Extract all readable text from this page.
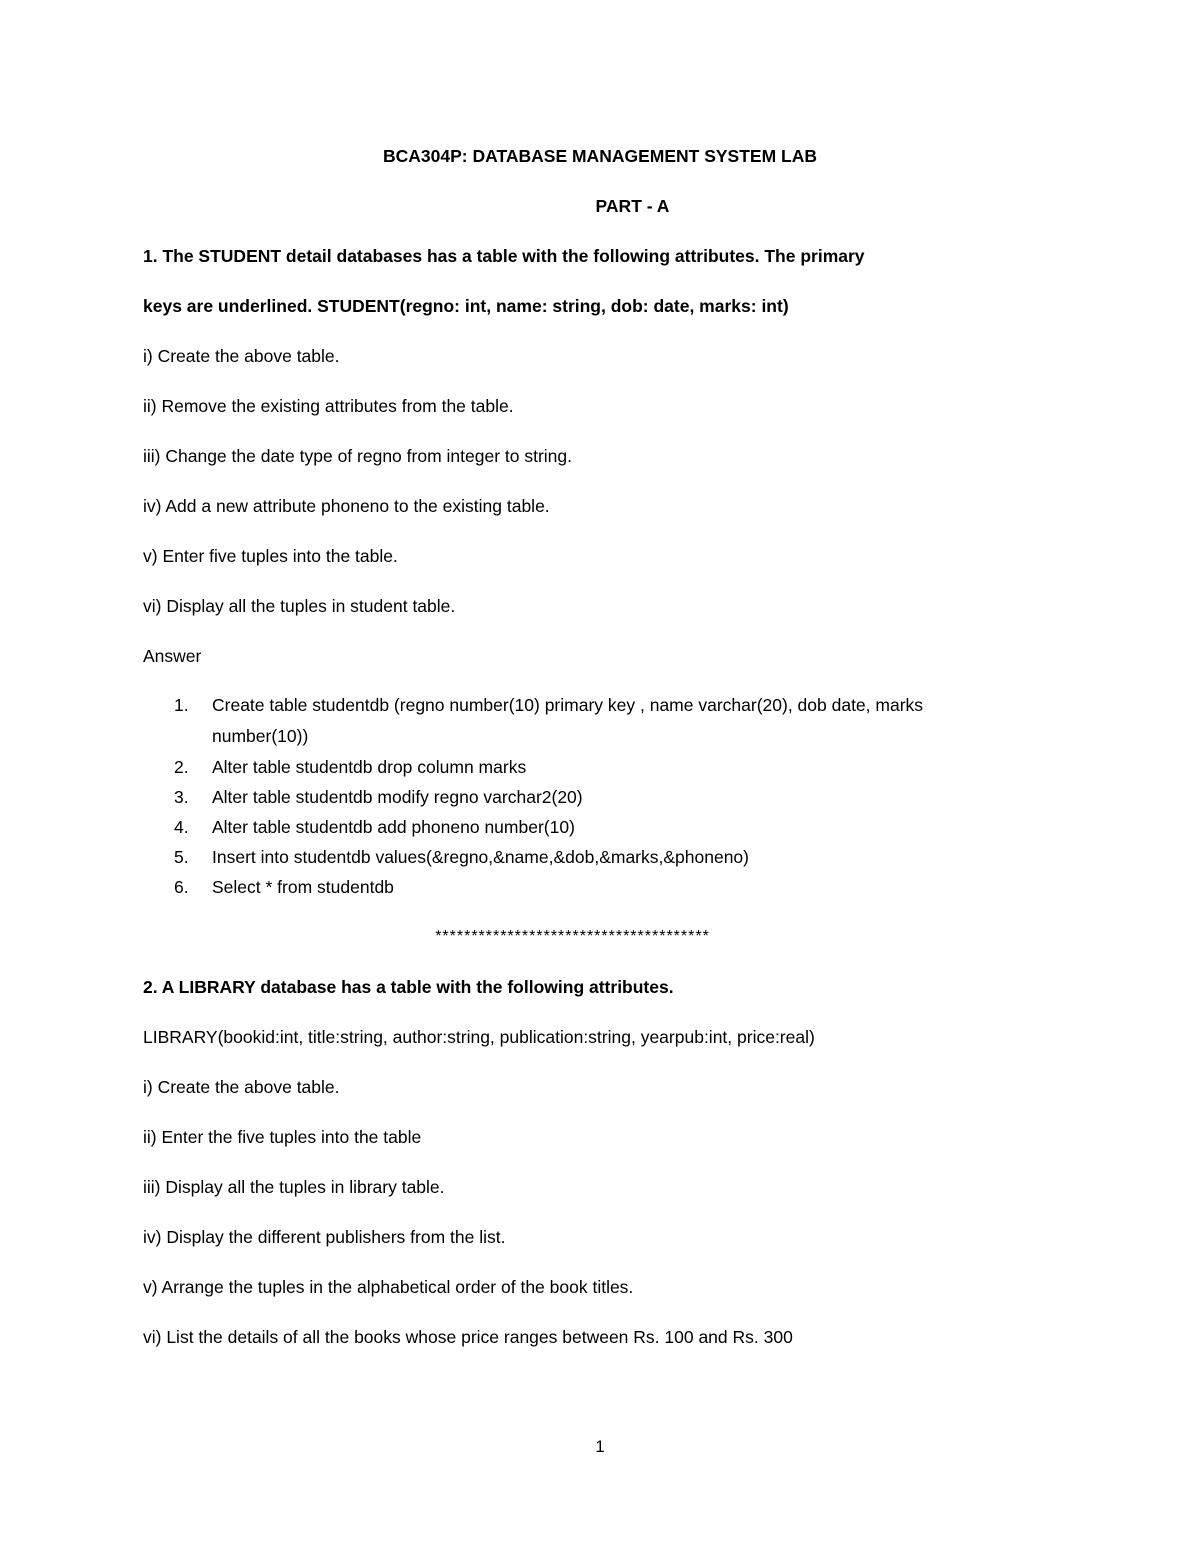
BCA304P: DATABASE MANAGEMENT SYSTEM LAB
PART - A
1. The STUDENT detail databases has a table with the following attributes. The primary
keys are underlined. STUDENT(regno: int, name: string, dob: date, marks: int)
i) Create the above table.
ii) Remove the existing attributes from the table.
iii) Change the date type of regno from integer to string.
iv) Add a new attribute phoneno to the existing table.
v) Enter five tuples into the table.
vi) Display all the tuples in student table.
Answer
1. Create table studentdb (regno number(10) primary key , name varchar(20), dob date, marks
number(10))
2. Alter table studentdb drop column marks
3. Alter table studentdb modify regno varchar2(20)
4. Alter table studentdb add phoneno number(10)
5. Insert into studentdb values(&regno,&name,&dob,&marks,&phoneno)
6. Select * from studentdb
**************************************
2. A LIBRARY database has a table with the following attributes.
LIBRARY(bookid:int, title:string, author:string, publication:string, yearpub:int, price:real)
i) Create the above table.
ii) Enter the five tuples into the table
iii) Display all the tuples in library table.
iv) Display the different publishers from the list.
v) Arrange the tuples in the alphabetical order of the book titles.
vi) List the details of all the books whose price ranges between Rs. 100 and Rs. 300
1
